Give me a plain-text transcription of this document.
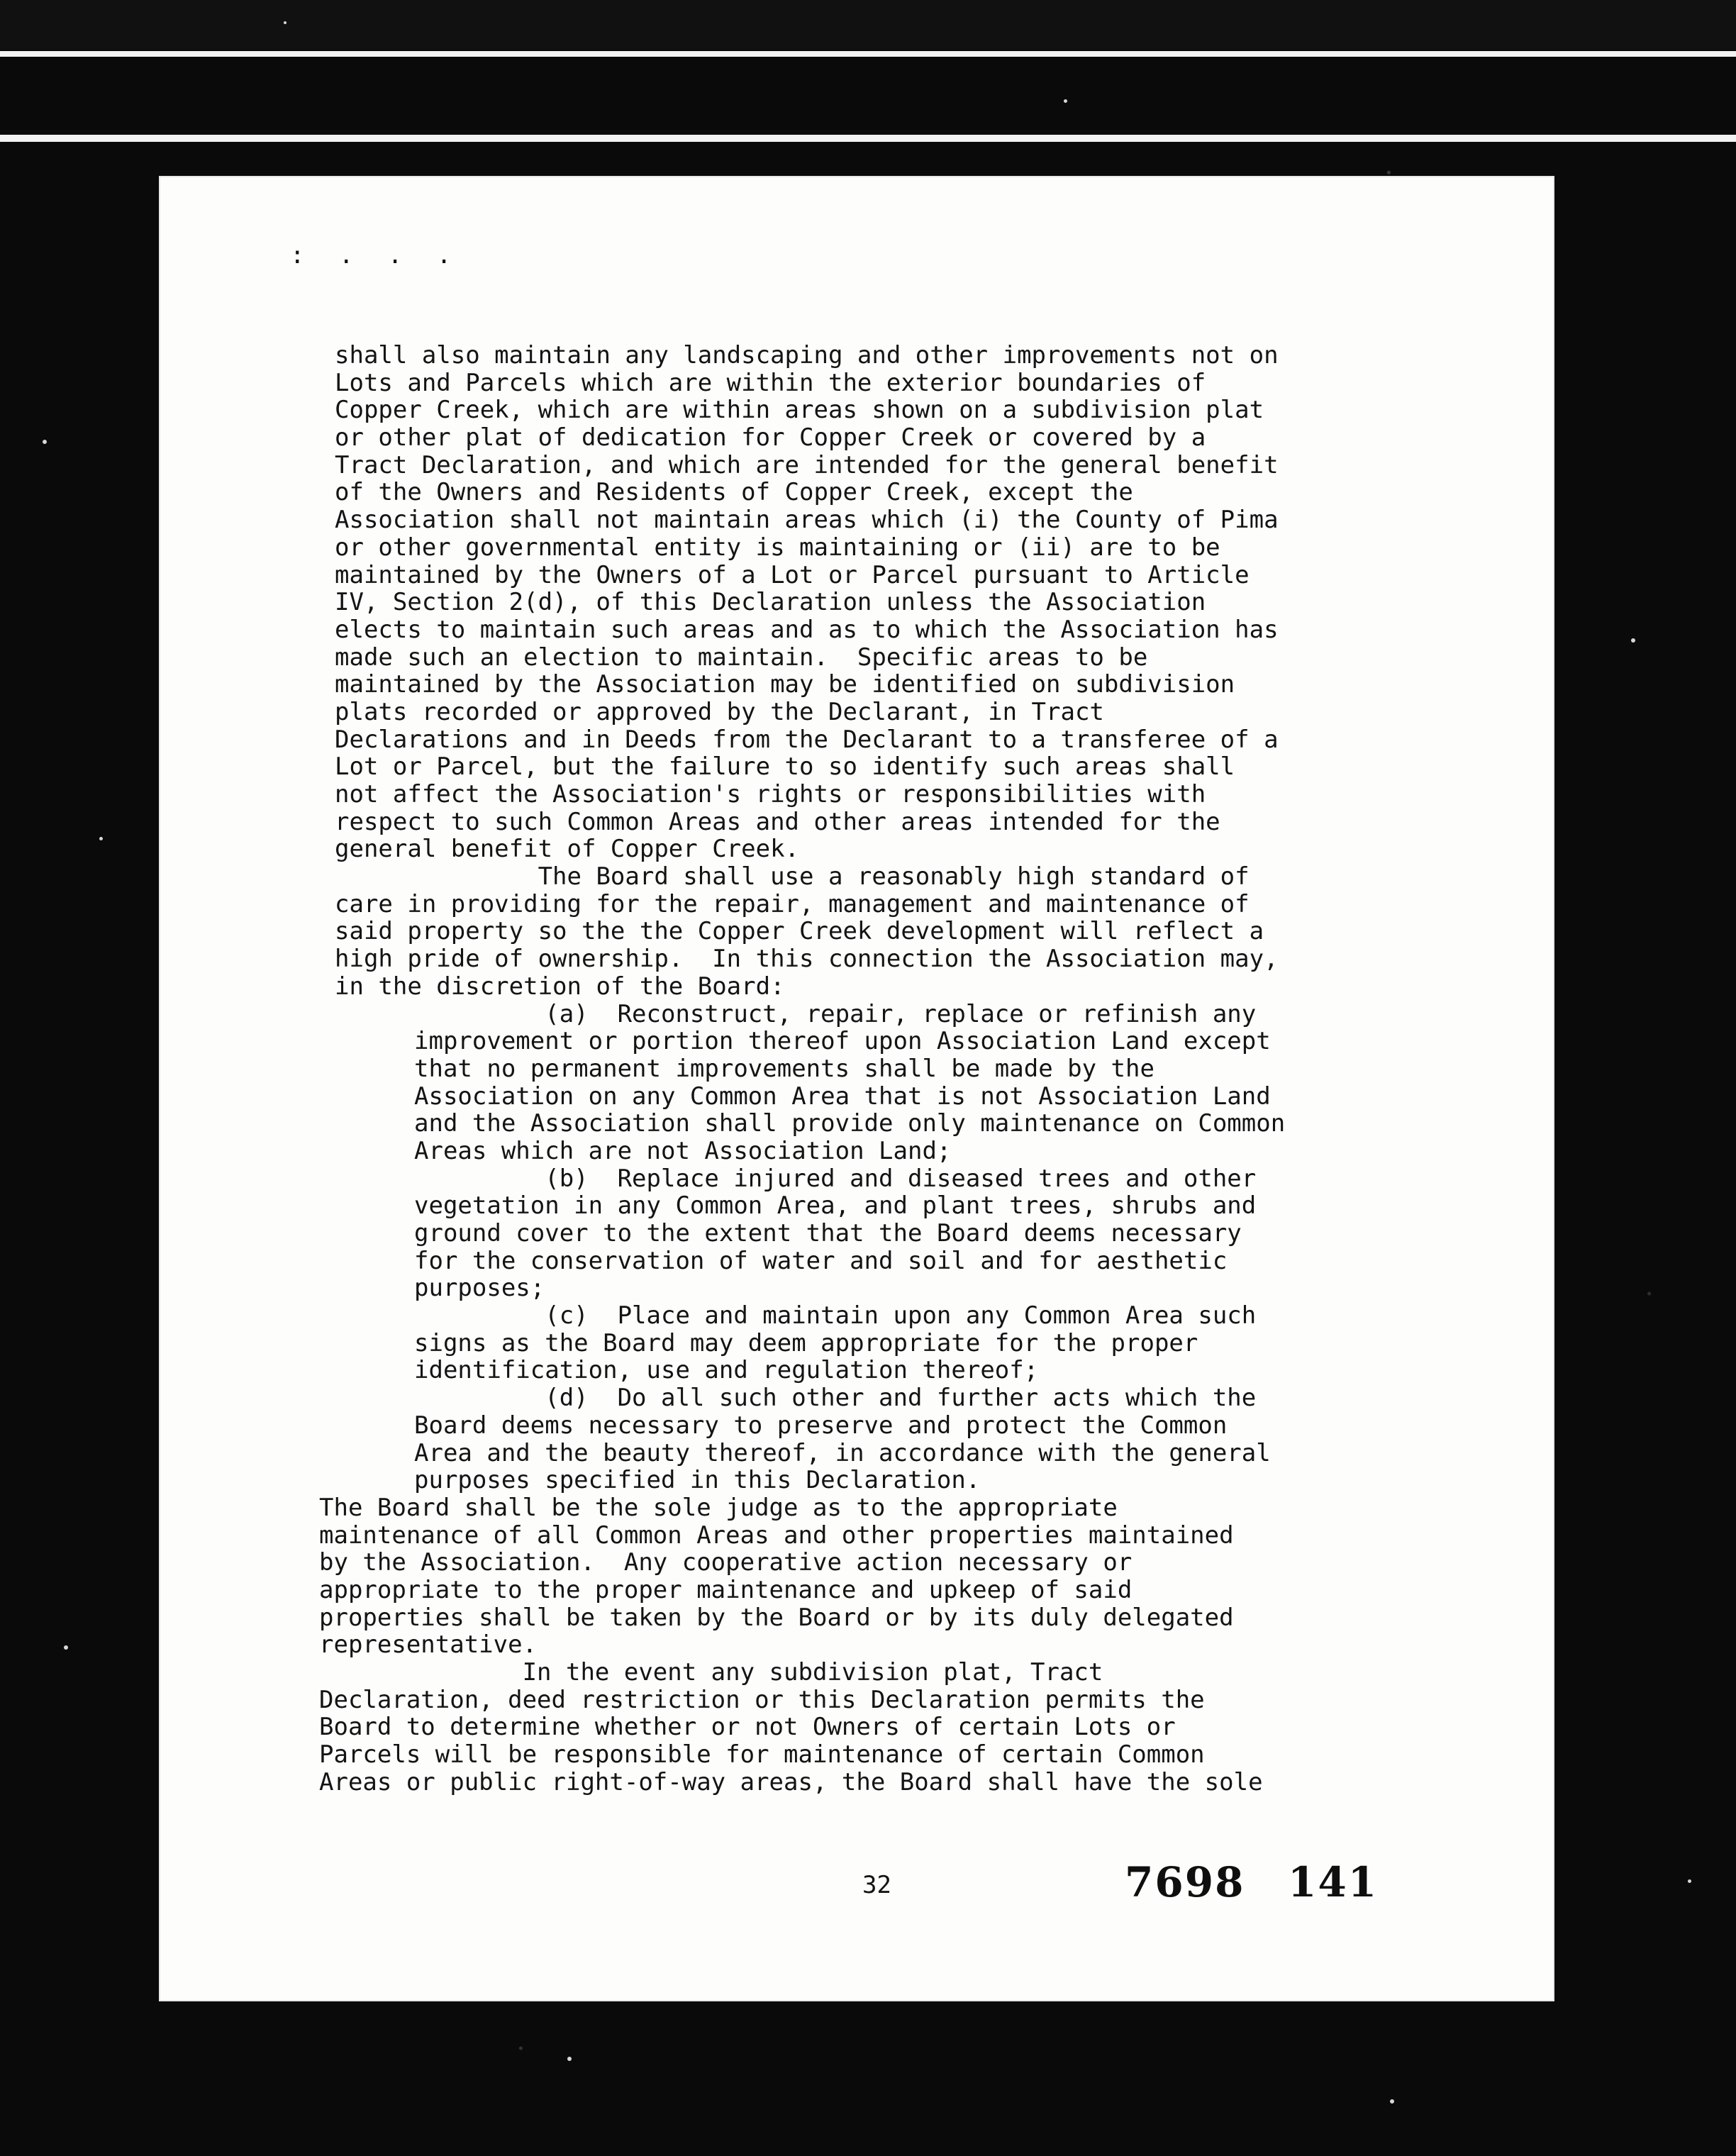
: . . .
shall also maintain any landscaping and other improvements not on
Lots and Parcels which are within the exterior boundaries of
Copper Creek, which are within areas shown on a subdivision plat
or other plat of dedication for Copper Creek or covered by a
Tract Declaration, and which are intended for the general benefit
of the Owners and Residents of Copper Creek, except the
Association shall not maintain areas which (i) the County of Pima
or other governmental entity is maintaining or (ii) are to be
maintained by the Owners of a Lot or Parcel pursuant to Article
IV, Section 2(d), of this Declaration unless the Association
elects to maintain such areas and as to which the Association has
made such an election to maintain.  Specific areas to be
maintained by the Association may be identified on subdivision
plats recorded or approved by the Declarant, in Tract
Declarations and in Deeds from the Declarant to a transferee of a
Lot or Parcel, but the failure to so identify such areas shall
not affect the Association's rights or responsibilities with
respect to such Common Areas and other areas intended for the
general benefit of Copper Creek.
The Board shall use a reasonably high standard of
care in providing for the repair, management and maintenance of
said property so the the Copper Creek development will reflect a
high pride of ownership.  In this connection the Association may,
in the discretion of the Board:
(a)  Reconstruct, repair, replace or refinish any
improvement or portion thereof upon Association Land except
that no permanent improvements shall be made by the
Association on any Common Area that is not Association Land
and the Association shall provide only maintenance on Common
Areas which are not Association Land;
(b)  Replace injured and diseased trees and other
vegetation in any Common Area, and plant trees, shrubs and
ground cover to the extent that the Board deems necessary
for the conservation of water and soil and for aesthetic
purposes;
(c)  Place and maintain upon any Common Area such
signs as the Board may deem appropriate for the proper
identification, use and regulation thereof;
(d)  Do all such other and further acts which the
Board deems necessary to preserve and protect the Common
Area and the beauty thereof, in accordance with the general
purposes specified in this Declaration.
The Board shall be the sole judge as to the appropriate
maintenance of all Common Areas and other properties maintained
by the Association.  Any cooperative action necessary or
appropriate to the proper maintenance and upkeep of said
properties shall be taken by the Board or by its duly delegated
representative.
In the event any subdivision plat, Tract
Declaration, deed restriction or this Declaration permits the
Board to determine whether or not Owners of certain Lots or
Parcels will be responsible for maintenance of certain Common
Areas or public right-of-way areas, the Board shall have the sole
32	7698 141
